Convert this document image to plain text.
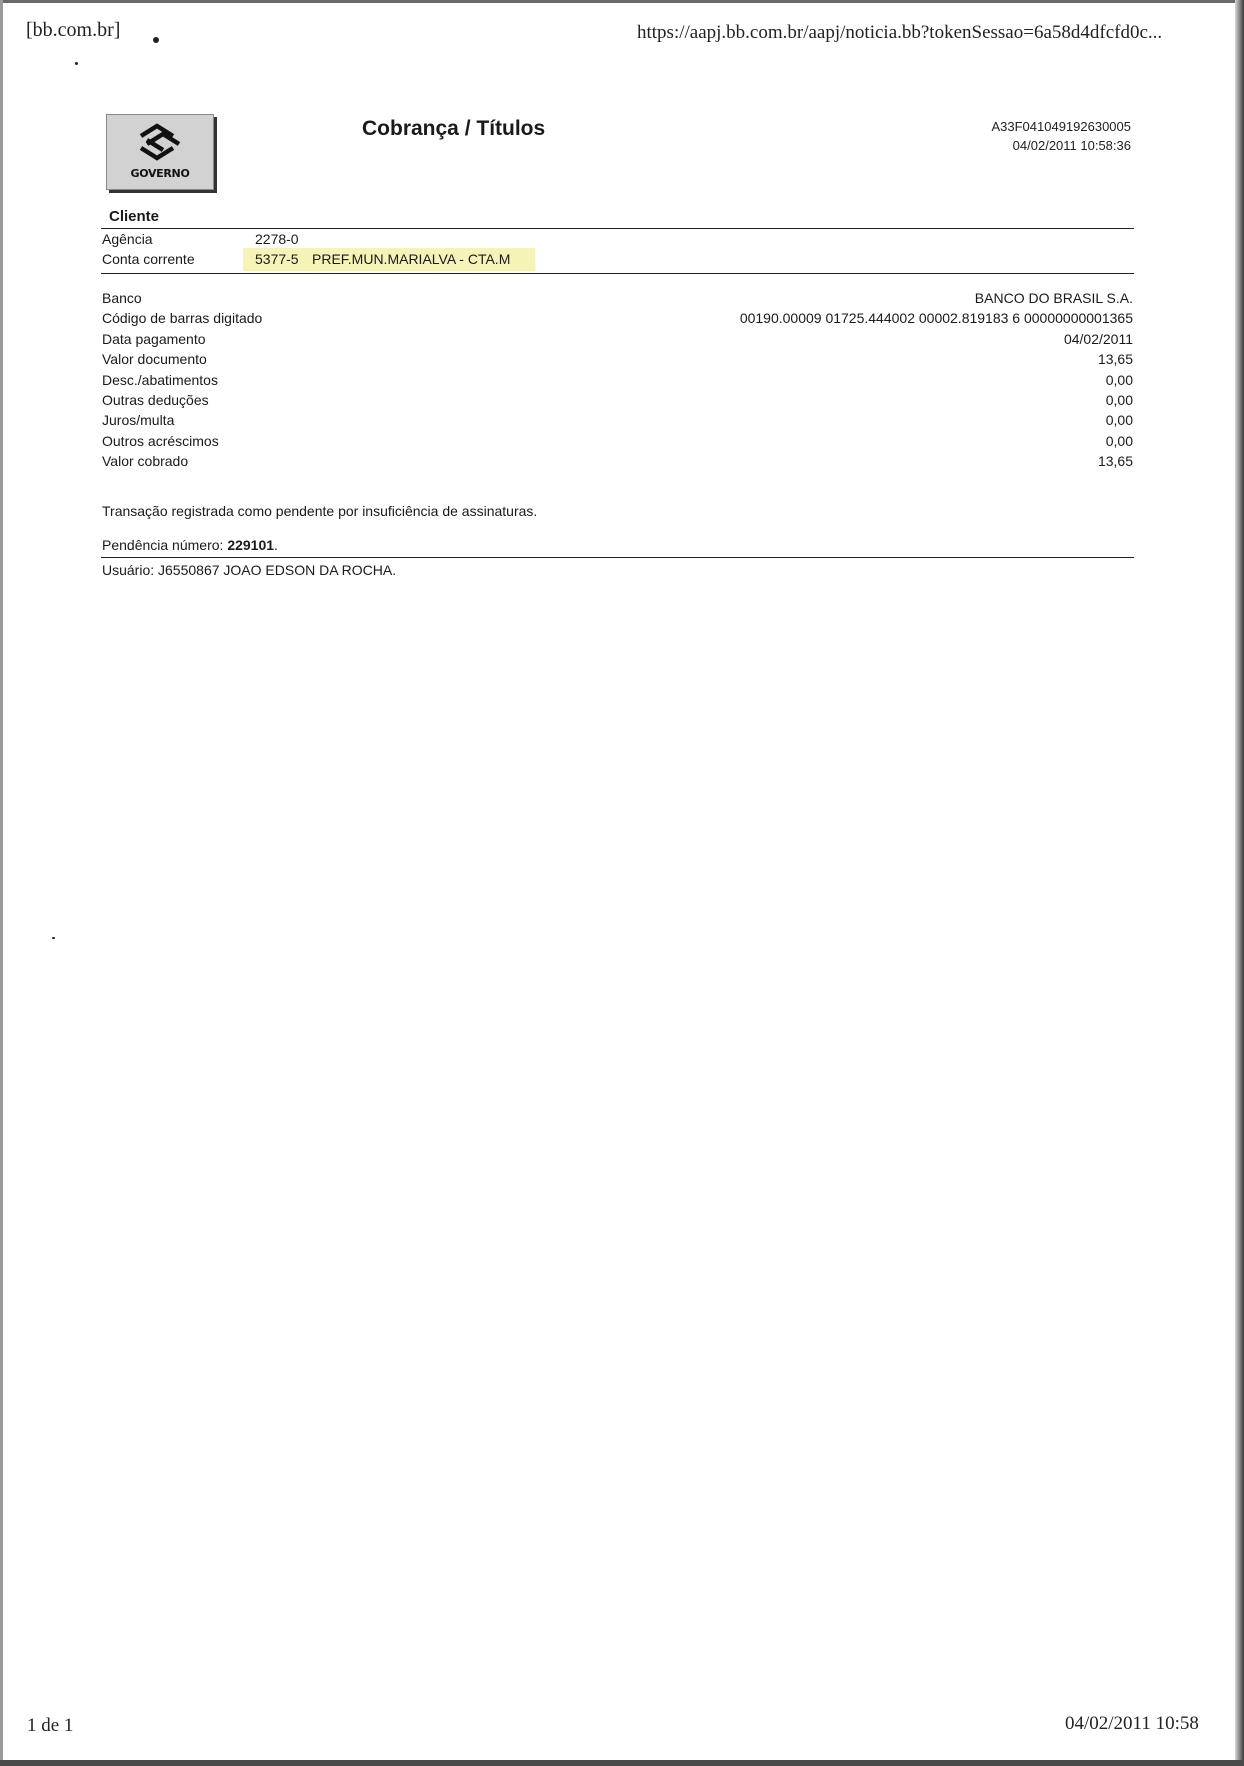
[bb.com.br]	https://aapj.bb.com.br/aapj/noticia.bb?tokenSessao=6a58d4dfcfd0c...
GOVERNO
Cobrança / Títulos	A33F041049192630005
04/02/2011 10:58:36
Cliente
Agência	2278-0
Conta corrente	5377-5 PREF.MUN.MARIALVA - CTA.M
Banco	BANCO DO BRASIL S.A.
Código de barras digitado	00190.00009 01725.444002 00002.819183 6 00000000001365
Data pagamento	04/02/2011
Valor documento	13,65
Desc./abatimentos	0,00
Outras deduções	0,00
Juros/multa	0,00
Outros acréscimos	0,00
Valor cobrado	13,65
Transação registrada como pendente por insuficiência de assinaturas.
Pendência número: 229101.
Usuário: J6550867 JOAO EDSON DA ROCHA.
1 de 1	04/02/2011 10:58
